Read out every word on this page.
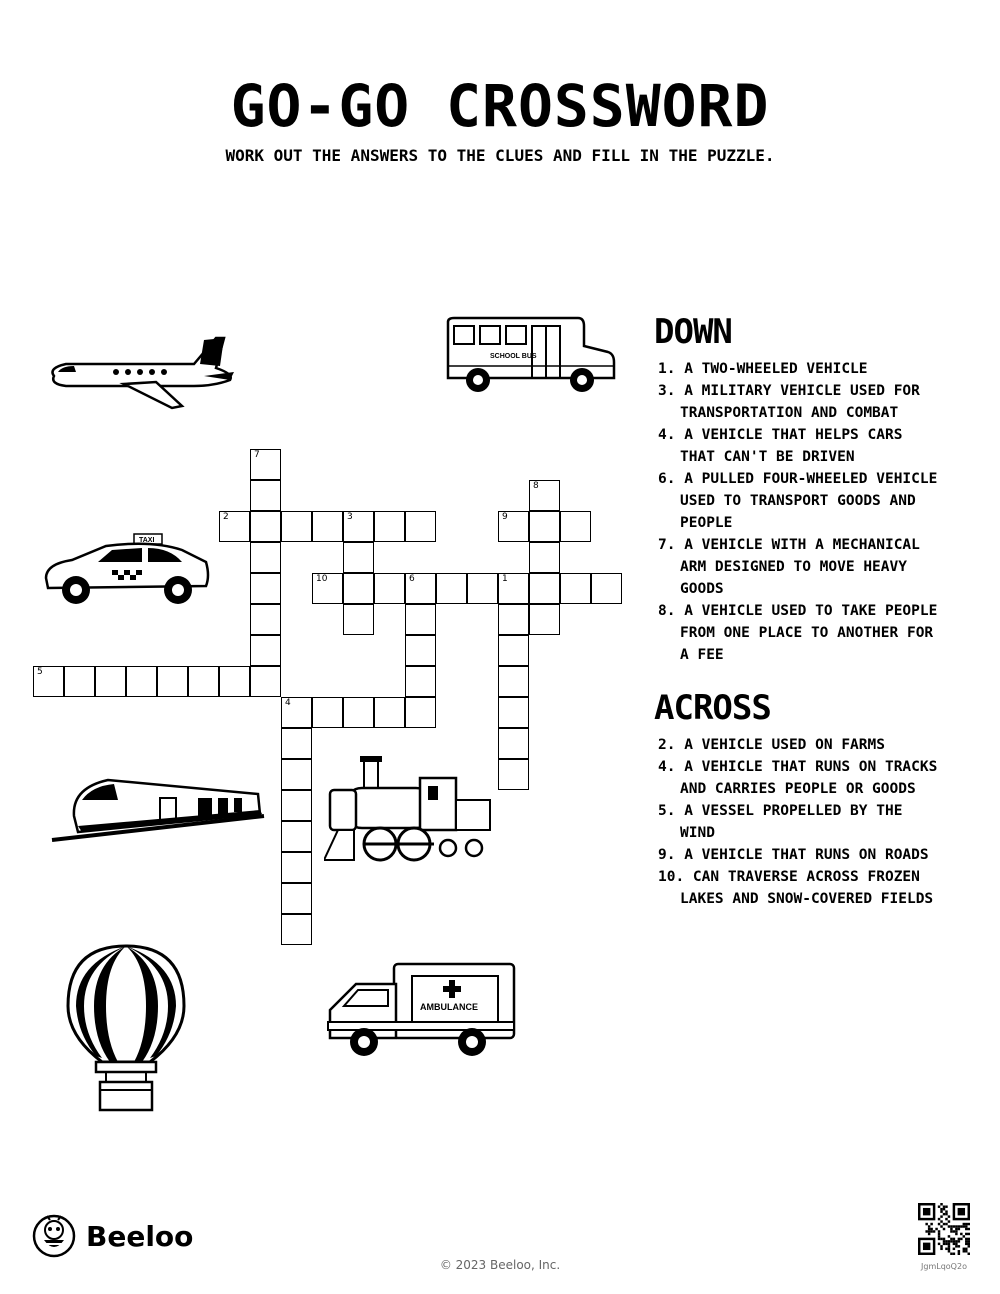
GO-GO CROSSWORD
WORK OUT THE ANSWERS TO THE CLUES AND FILL IN THE PUZZLE.
7
2	3
8
9
10	6	1
5
4
DOWN

1. A TWO-WHEELED VEHICLE

3. A MILITARY VEHICLE USED FOR TRANSPORTATION AND COMBAT

4. A VEHICLE THAT HELPS CARS THAT CAN'T BE DRIVEN

6. A PULLED FOUR-WHEELED VEHICLE USED TO TRANSPORT GOODS AND PEOPLE

7. A VEHICLE WITH A MECHANICAL ARM DESIGNED TO MOVE HEAVY GOODS

8. A VEHICLE USED TO TAKE PEOPLE FROM ONE PLACE TO ANOTHER FOR A FEE

ACROSS

2. A VEHICLE USED ON FARMS

4. A VEHICLE THAT RUNS ON TRACKS AND CARRIES PEOPLE OR GOODS

5. A VESSEL PROPELLED BY THE WIND

9. A VEHICLE THAT RUNS ON ROADS

10. CAN TRAVERSE ACROSS FROZEN LAKES AND SNOW-COVERED FIELDS

SCHOOL BUS
TAXI
AMBULANCE
Beeloo
© 2023 Beeloo, Inc.	JgmLqoQ2o
